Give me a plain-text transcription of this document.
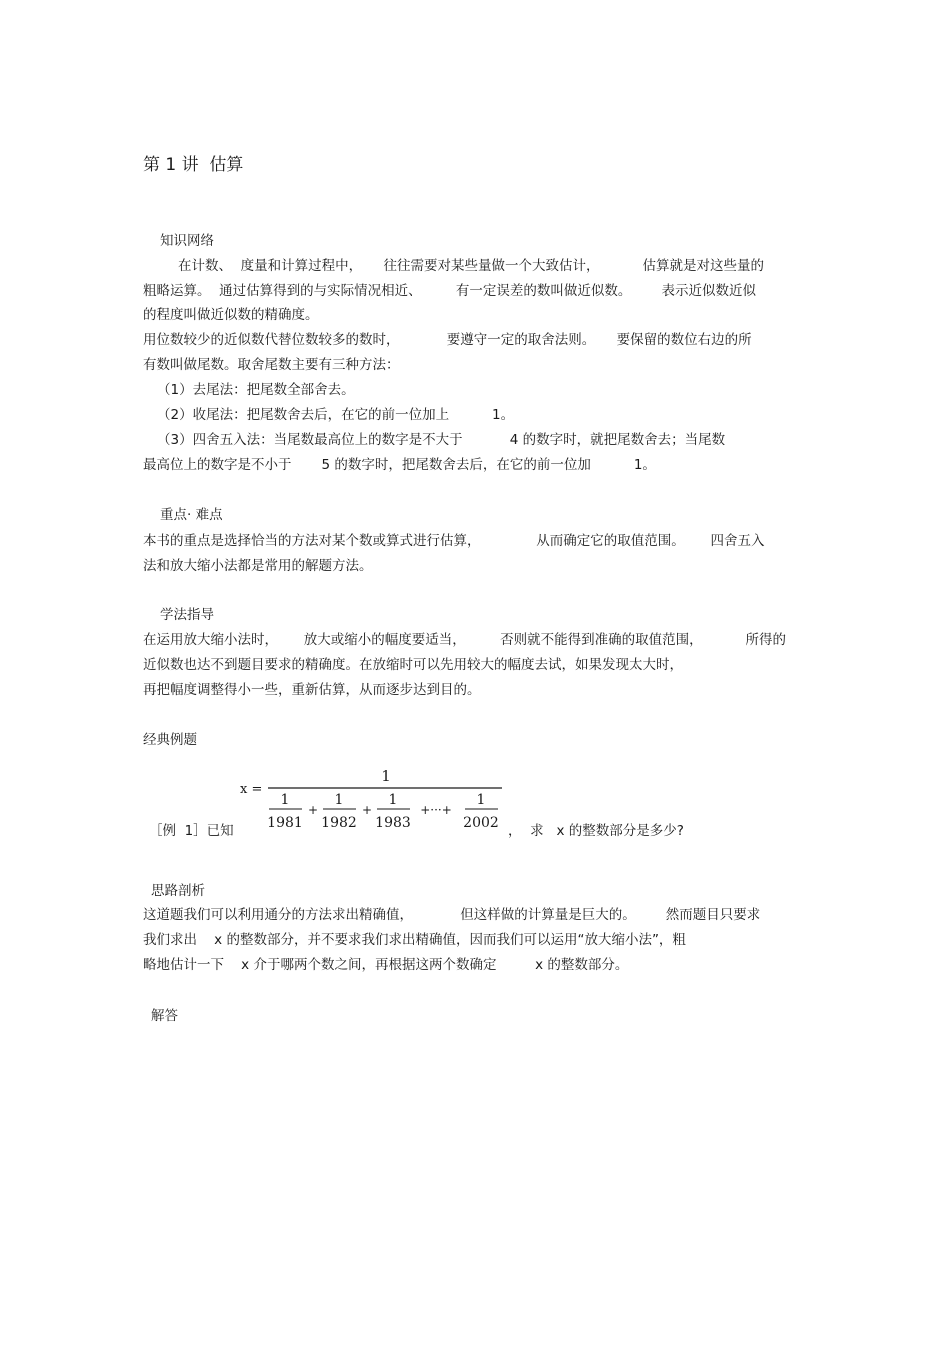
第 1 讲  估算
知识网络
在计数、  度量和计算过程中，     往往需要对某些量做一个大致估计，          估算就是对这些量的
粗略运算。  通过估算得到的与实际情况相近、        有一定误差的数叫做近似数。       表示近似数近似
的程度叫做近似数的精确度。
用位数较少的近似数代替位数较多的数时，           要遵守一定的取舍法则。     要保留的数位右边的所
有数叫做尾数。取舍尾数主要有三种方法：
（1）去尾法：把尾数全部舍去。
（2）收尾法：把尾数舍去后，在它的前一位加上          1。
（3）四舍五入法：当尾数最高位上的数字是不大于           4 的数字时，就把尾数舍去；当尾数
最高位上的数字是不小于       5 的数字时，把尾数舍去后，在它的前一位加          1。
重点· 难点
本书的重点是选择恰当的方法对某个数或算式进行估算，             从而确定它的取值范围。      四舍五入
法和放大缩小法都是常用的解题方法。
学法指导
在运用放大缩小法时，      放大或缩小的幅度要适当，        否则就不能得到准确的取值范围，          所得的
近似数也达不到题目要求的精确度。在放缩时可以先用较大的幅度去试，如果发现太大时，
再把幅度调整得小一些，重新估算，从而逐步达到目的。
经典例题
［例  1］已知
x =
1
1
1981
+
1
1982
+
1
1983
+···+
1
2002 ，  求   x 的整数部分是多少?
思路剖析
这道题我们可以利用通分的方法求出精确值，           但这样做的计算量是巨大的。       然而题目只要求
我们求出    x 的整数部分，并不要求我们求出精确值，因而我们可以运用“放大缩小法”，粗
略地估计一下    x 介于哪两个数之间，再根据这两个数确定         x 的整数部分。
解答
